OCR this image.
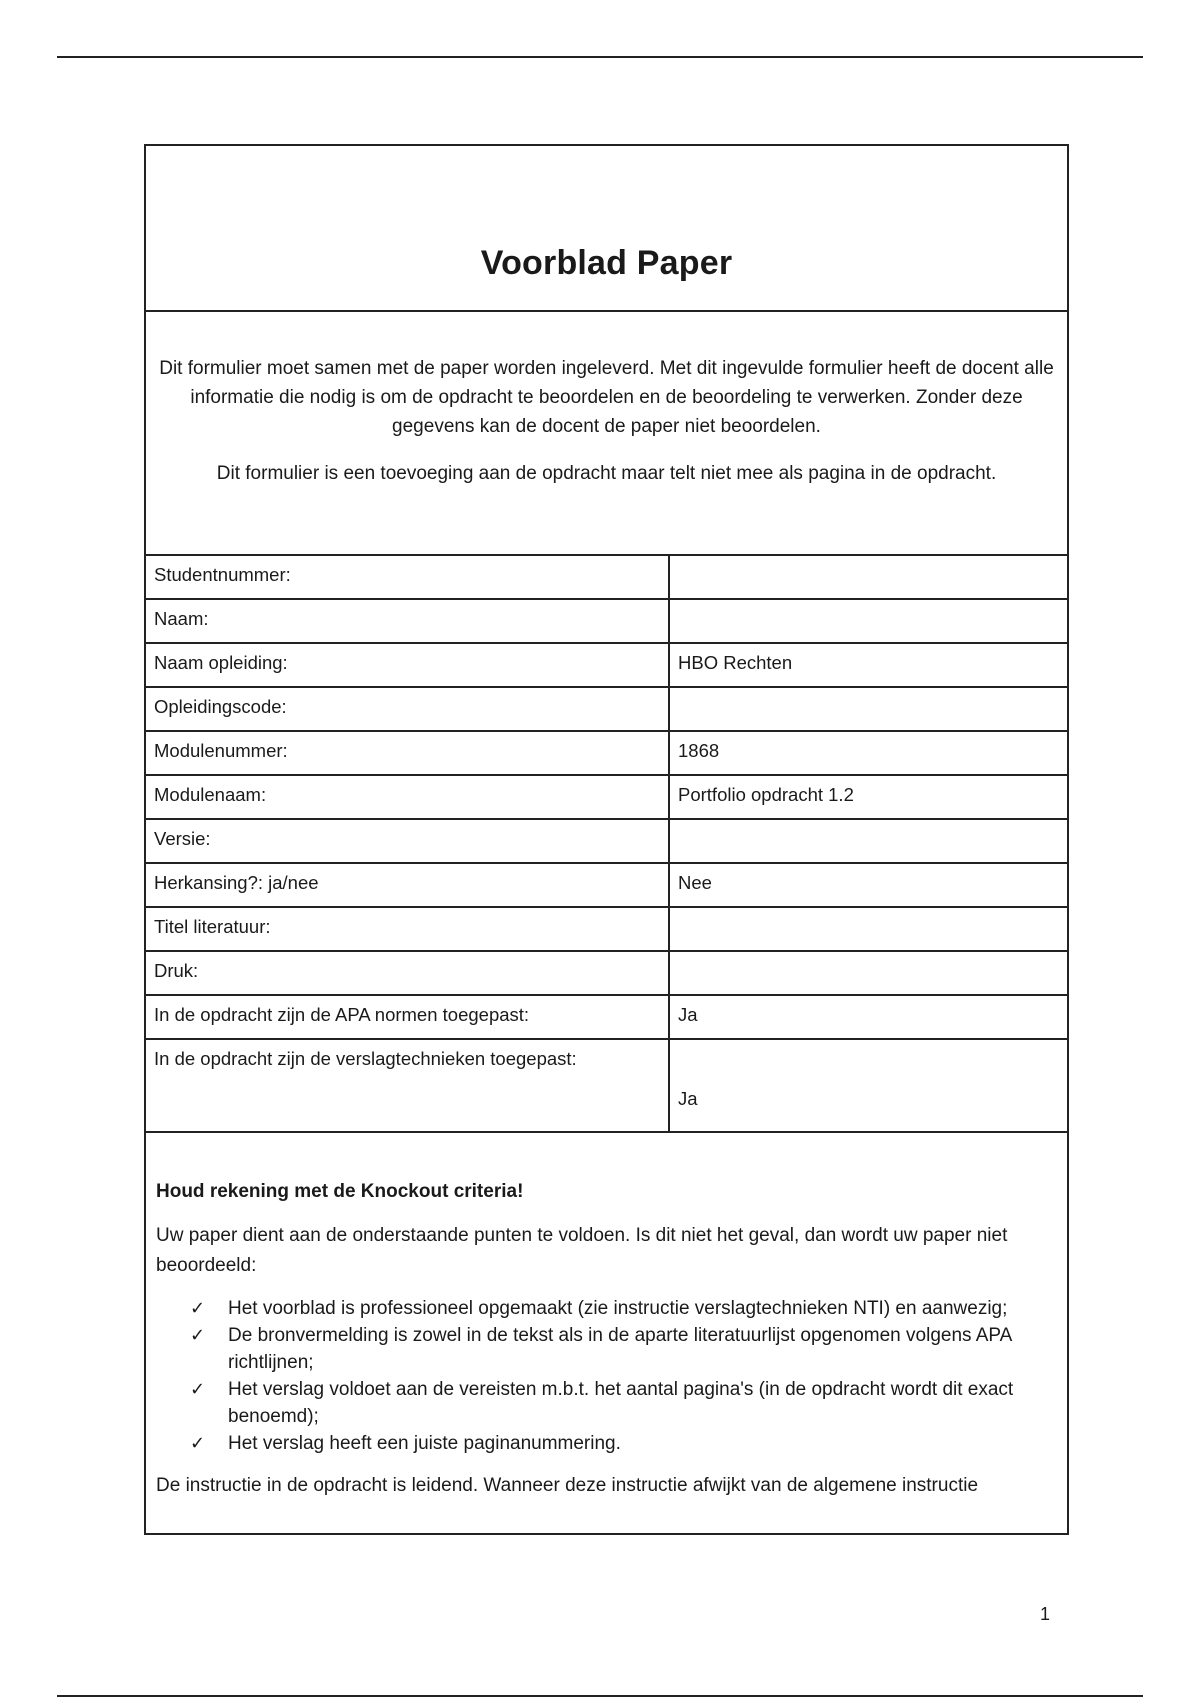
Voorblad Paper

Dit formulier moet samen met de paper worden ingeleverd. Met dit ingevulde formulier heeft de docent alle informatie die nodig is om de opdracht te beoordelen en de beoordeling te verwerken. Zonder deze gegevens kan de docent de paper niet beoordelen.

Dit formulier is een toevoeging aan de opdracht maar telt niet mee als pagina in de opdracht.

Studentnummer:	
Naam:	
Naam opleiding:	HBO Rechten
Opleidingscode:	
Modulenummer:	1868
Modulenaam:	Portfolio opdracht 1.2
Versie:	
Herkansing?: ja/nee	Nee
Titel literatuur:	
Druk:	
In de opdracht zijn de APA normen toegepast:	Ja
In de opdracht zijn de verslagtechnieken toegepast:	Ja

Houd rekening met de Knockout criteria!

Uw paper dient aan de onderstaande punten te voldoen. Is dit niet het geval, dan wordt uw paper niet beoordeeld:

✓ Het voorblad is professioneel opgemaakt (zie instructie verslagtechnieken NTI) en aanwezig;
✓ De bronvermelding is zowel in de tekst als in de aparte literatuurlijst opgenomen volgens APA richtlijnen;
✓ Het verslag voldoet aan de vereisten m.b.t. het aantal pagina's (in de opdracht wordt dit exact benoemd);
✓ Het verslag heeft een juiste paginanummering.

De instructie in de opdracht is leidend. Wanneer deze instructie afwijkt van de algemene instructie

1
